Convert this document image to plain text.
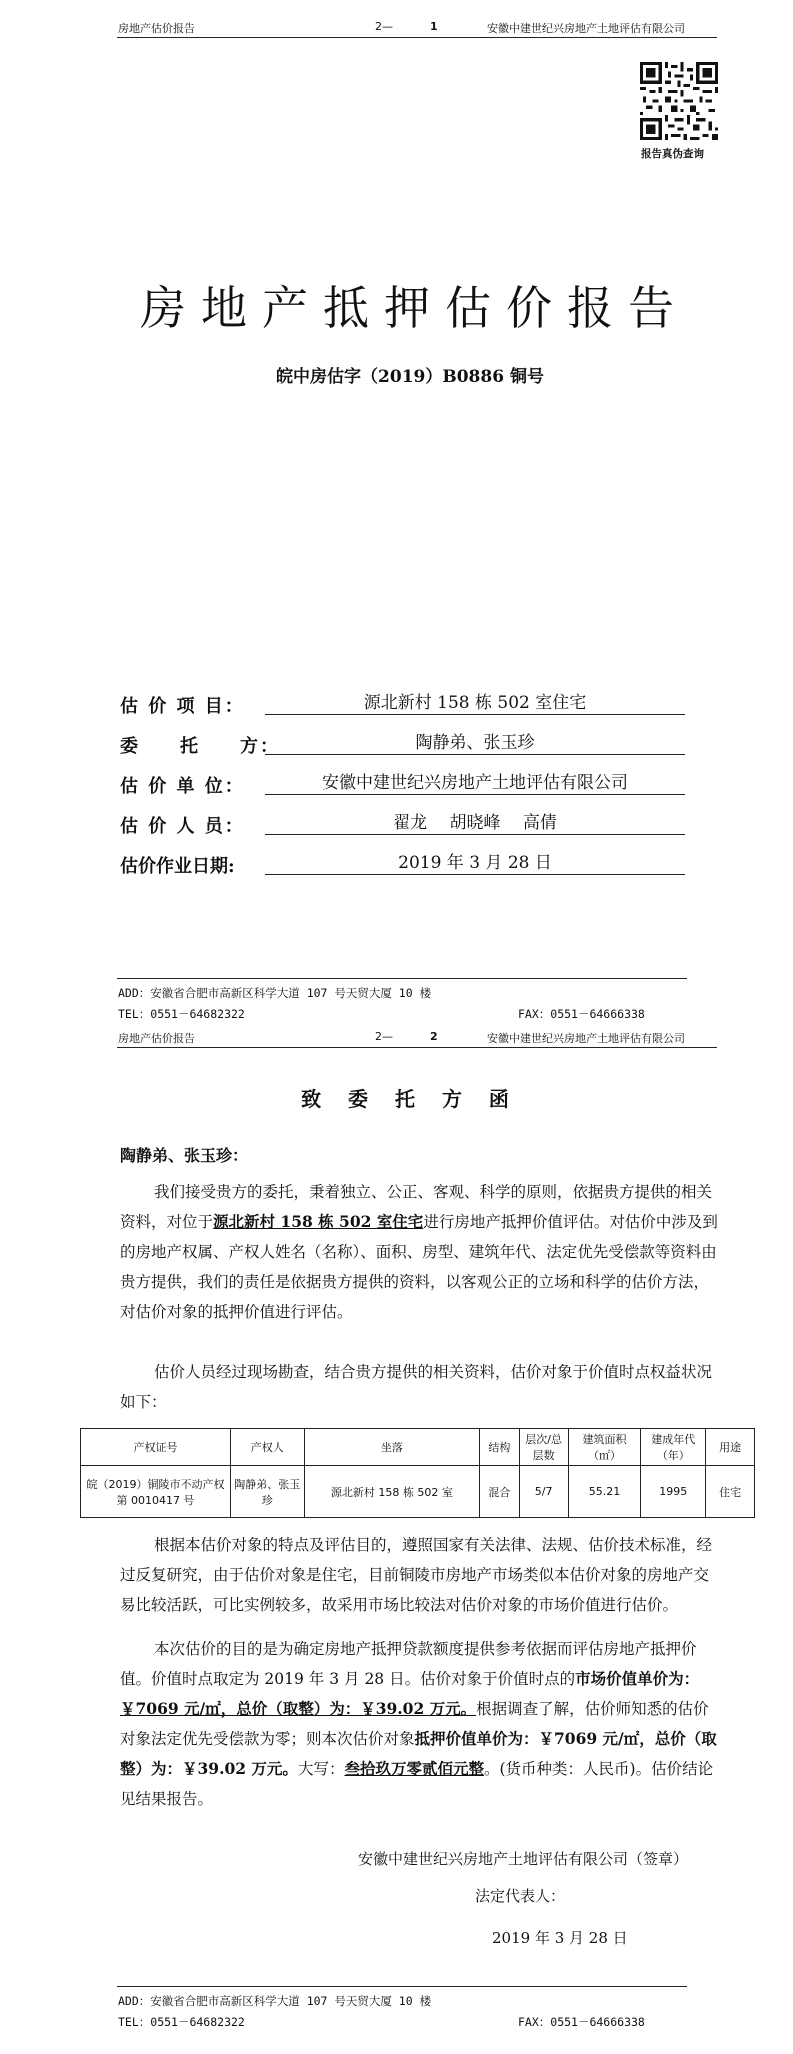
房地产估价报告	2—	1	安徽中建世纪兴房地产土地评估有限公司
报告真伪查询
房地产抵押估价报告
皖中房估字（2019）B0886 铜号
估 价 项 目：	源北新村 158 栋 502 室住宅
委　　托　　方：	陶静弟、张玉珍
估 价 单 位：	安徽中建世纪兴房地产土地评估有限公司
估 价 人 员：	翟龙　 胡晓峰　 高倩
估价作业日期:	2019 年 3 月 28 日
ADD：安徽省合肥市高新区科学大道 107 号天贸大厦 10 楼
TEL：0551－64682322	FAX：0551－64666338
房地产估价报告	2—	2	安徽中建世纪兴房地产土地评估有限公司
致 委 托 方 函
陶静弟、张玉珍：
我们接受贵方的委托，秉着独立、公正、客观、科学的原则，依据贵方提供的相关资料，对位于源北新村 158 栋 502 室住宅进行房地产抵押价值评估。对估价中涉及到的房地产权属、产权人姓名（名称）、面积、房型、建筑年代、法定优先受偿款等资料由贵方提供，我们的责任是依据贵方提供的资料，以客观公正的立场和科学的估价方法，对估价对象的抵押价值进行评估。
估价人员经过现场勘查，结合贵方提供的相关资料，估价对象于价值时点权益状况如下：
产权证号	产权人	坐落	结构	层次/总层数	建筑面积（㎡）	建成年代（年）	用途
皖（2019）铜陵市不动产权第 0010417 号	陶静弟、张玉珍	源北新村 158 栋 502 室	混合	5/7	55.21	1995	住宅
根据本估价对象的特点及评估目的，遵照国家有关法律、法规、估价技术标准，经过反复研究，由于估价对象是住宅，目前铜陵市房地产市场类似本估价对象的房地产交易比较活跃，可比实例较多，故采用市场比较法对估价对象的市场价值进行估价。
本次估价的目的是为确定房地产抵押贷款额度提供参考依据而评估房地产抵押价值。价值时点取定为 2019 年 3 月 28 日。估价对象于价值时点的市场价值单价为：￥7069 元/㎡，总价（取整）为：￥39.02 万元。根据调查了解，估价师知悉的估价对象法定优先受偿款为零；则本次估价对象抵押价值单价为：￥7069 元/㎡，总价（取整）为：￥39.02 万元。大写：叁拾玖万零贰佰元整。(货币种类：人民币)。估价结论见结果报告。
安徽中建世纪兴房地产土地评估有限公司（签章）
法定代表人：
2019 年 3 月 28 日
ADD：安徽省合肥市高新区科学大道 107 号天贸大厦 10 楼
TEL：0551－64682322	FAX：0551－64666338
